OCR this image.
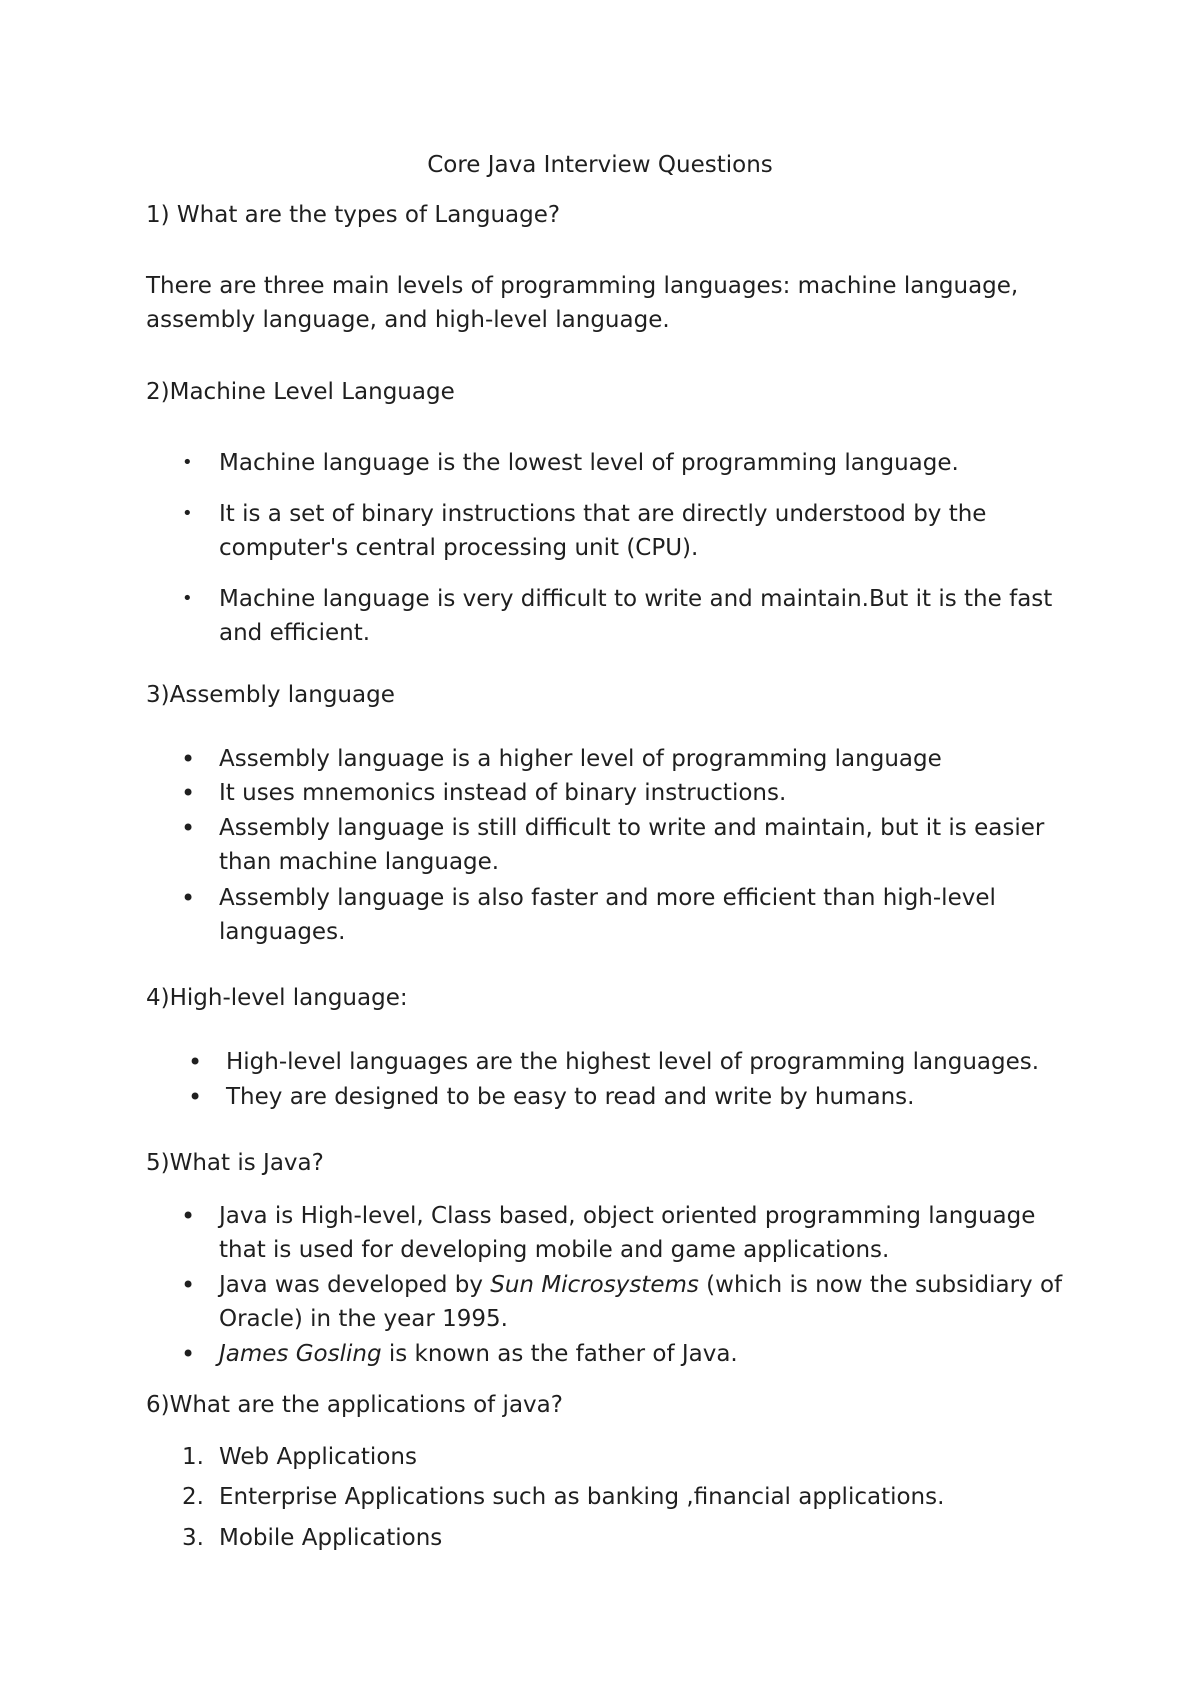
Core Java Interview Questions
1) What are the types of Language?
There are three main levels of programming languages: machine language, assembly language, and high-level language.
2)Machine Level Language
• Machine language is the lowest level of programming language.
• It is a set of binary instructions that are directly understood by the computer's central processing unit (CPU).
• Machine language is very difficult to write and maintain.But it is the fast and efficient.
3)Assembly language
• Assembly language is a higher level of programming language
• It uses mnemonics instead of binary instructions.
• Assembly language is still difficult to write and maintain, but it is easier than machine language.
• Assembly language is also faster and more efficient than high-level languages.
4)High-level language:
• High-level languages are the highest level of programming languages.
• They are designed to be easy to read and write by humans.
5)What is Java?
• Java is High-level, Class based, object oriented programming language that is used for developing mobile and game applications.
• Java was developed by Sun Microsystems (which is now the subsidiary of Oracle) in the year 1995.
• James Gosling is known as the father of Java.
6)What are the applications of java?
1. Web Applications
2. Enterprise Applications such as banking ,financial applications.
3. Mobile Applications
